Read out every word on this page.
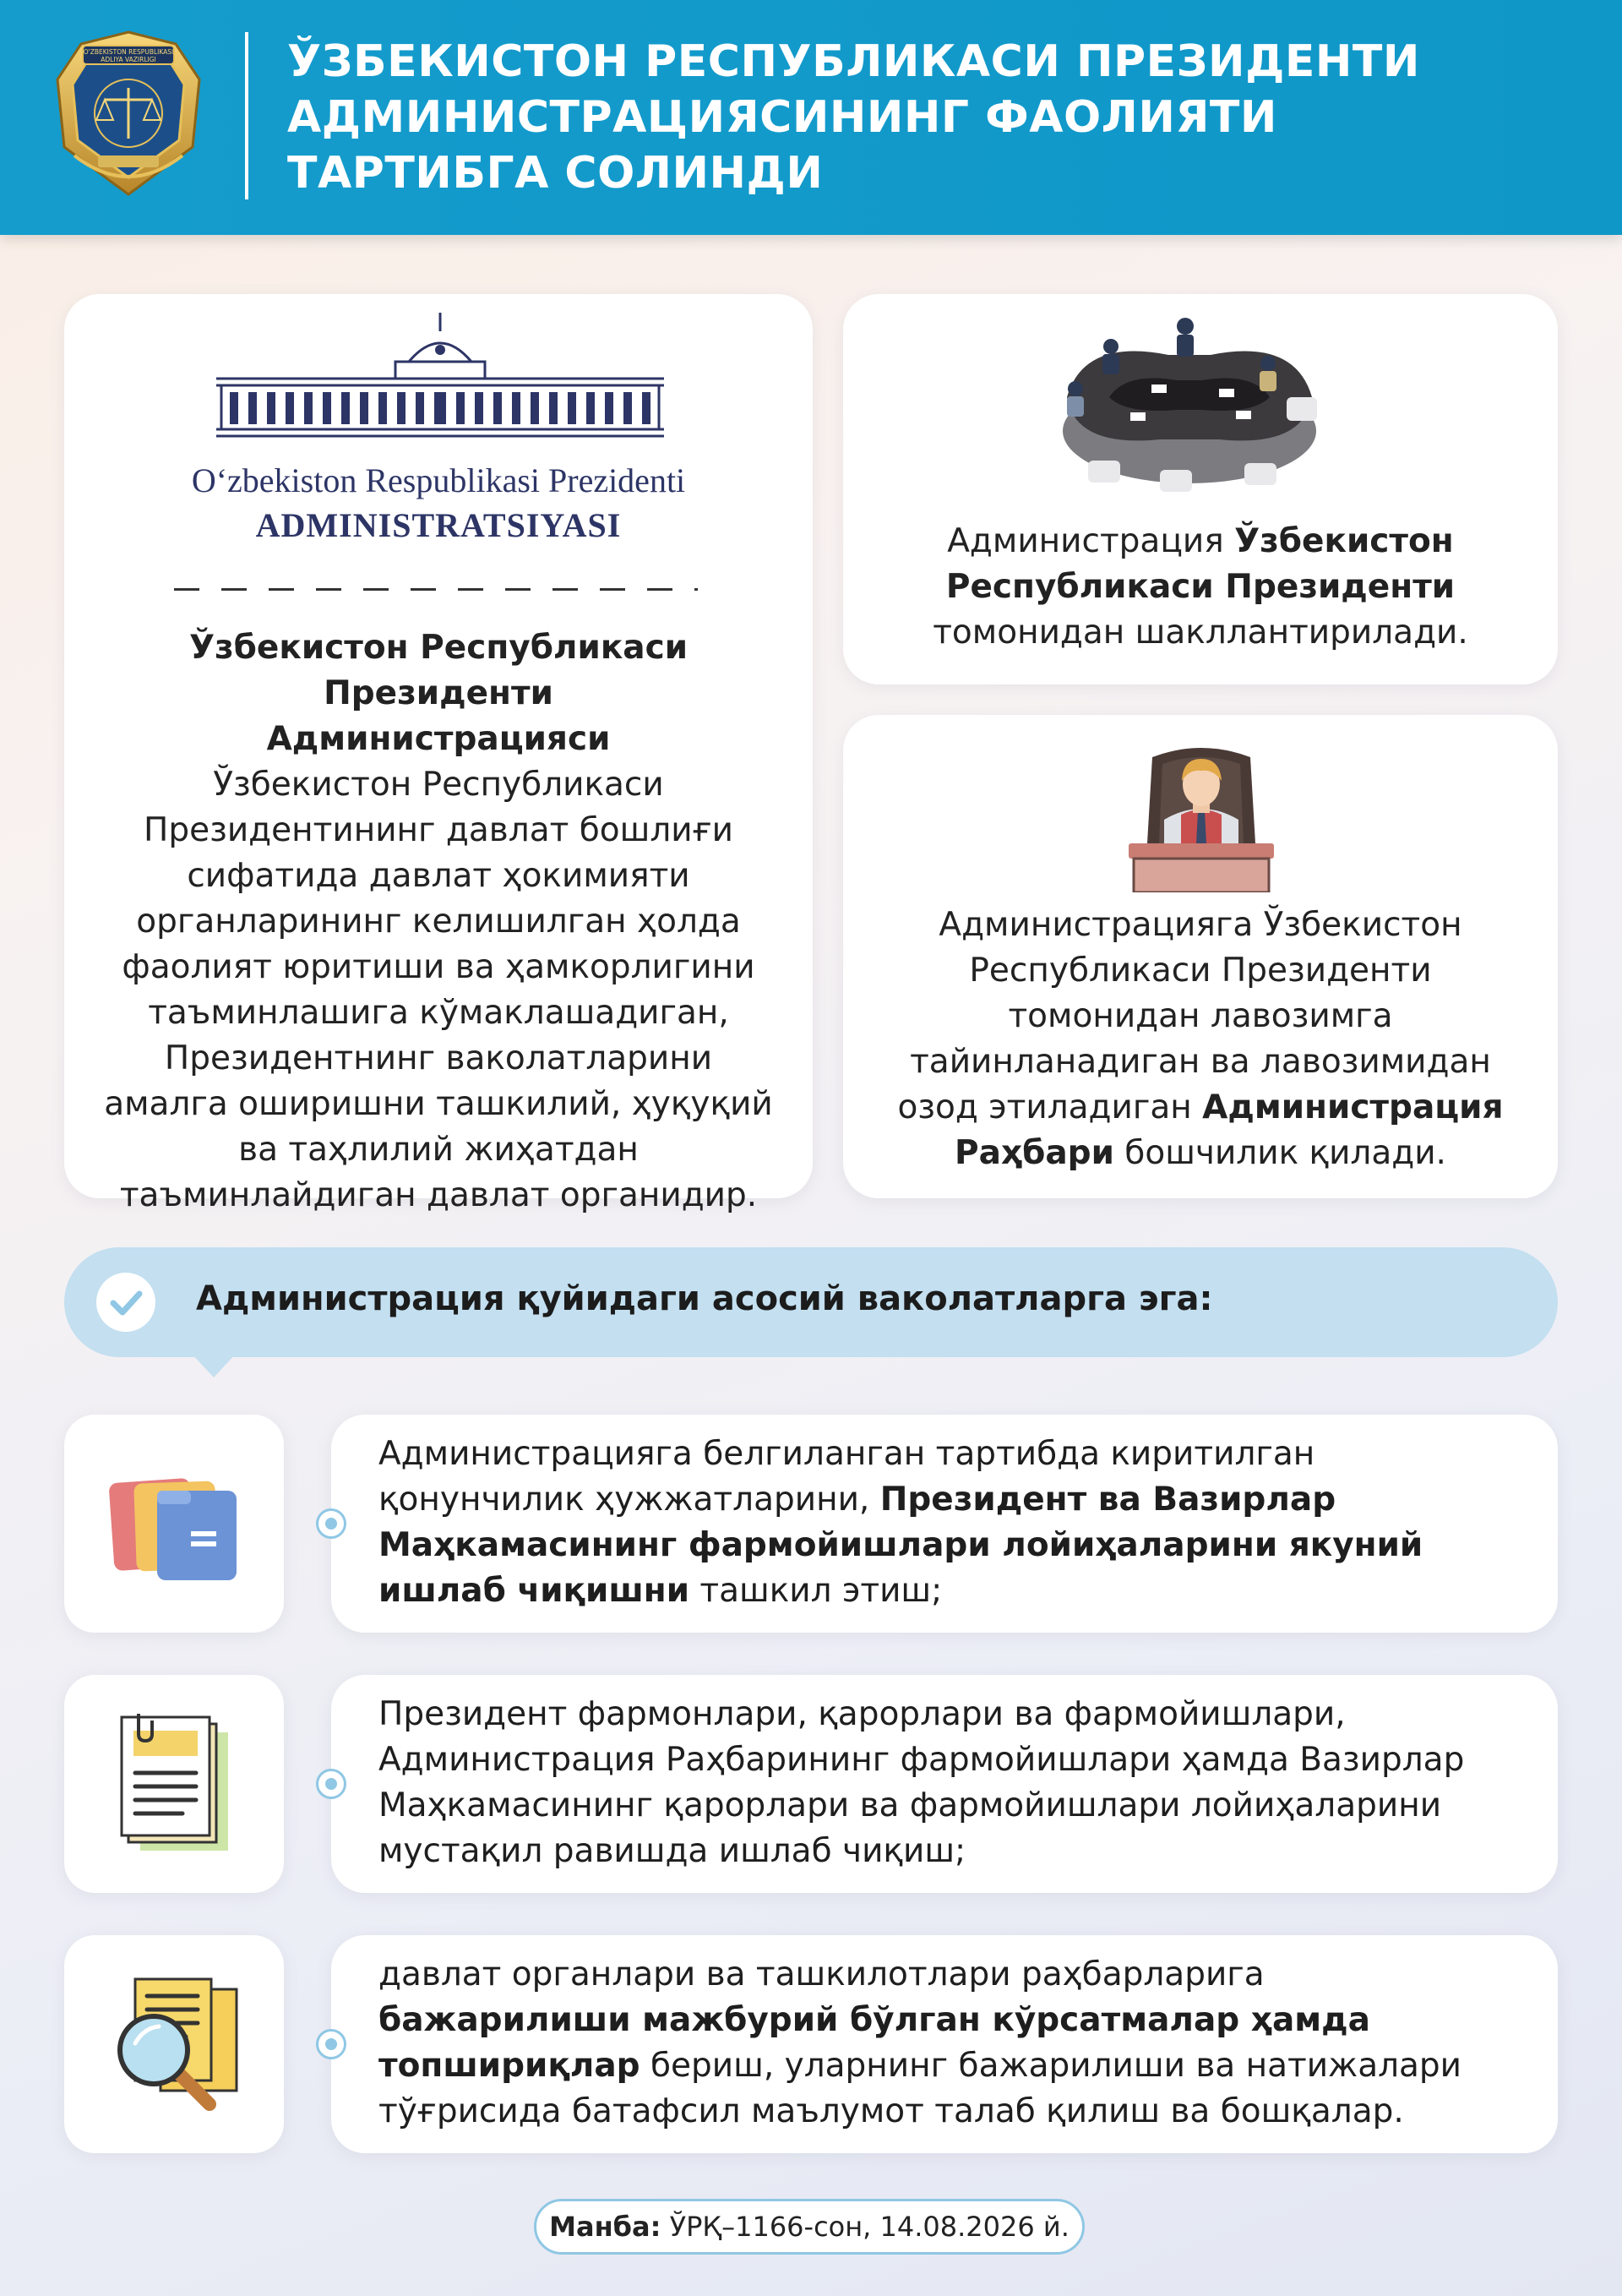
O'ZBEKISTON RESPUBLIKASI
ADLIYA VAZIRLIGI	ЎЗБЕКИСТОН РЕСПУБЛИКАСИ ПРЕЗИДЕНТИ
АДМИНИСТРАЦИЯСИНИНГ ФАОЛИЯТИ
ТАРТИБГА СОЛИНДИ
Oʻzbekiston Respublikasi Prezidenti
ADMINISTRATSIYASI
Ўзбекистон Республикаси Президенти Администрацияси
Ўзбекистон Республикаси Президентининг давлат бошлиғи сифатида давлат ҳокимияти органларининг келишилган ҳолда фаолият юритиши ва ҳамкорлигини таъминлашига кўмаклашадиган, Президентнинг ваколатларини амалга оширишни ташкилий, ҳуқуқий ва таҳлилий жиҳатдан таъминлайдиган давлат органидир.
Администрация Ўзбекистон Республикаси Президенти томонидан шакллантирилади.
Администрацияга Ўзбекистон Республикаси Президенти томонидан лавозимга тайинланадиган ва лавозимидан озод этиладиган Администрация Раҳбари бошчилик қилади.
Администрация қуйидаги асосий ваколатларга эга:
Администрацияга белгиланган тартибда киритилган қонунчилик ҳужжатларини, Президент ва Вазирлар Маҳкамасининг фармойишлари лойиҳаларини якуний ишлаб чиқишни ташкил этиш;
Президент фармонлари, қарорлари ва фармойишлари, Администрация Раҳбарининг фармойишлари ҳамда Вазирлар Маҳкамасининг қарорлари ва фармойишлари лойиҳаларини мустақил равишда ишлаб чиқиш;
давлат органлари ва ташкилотлари раҳбарларига бажарилиши мажбурий бўлган кўрсатмалар ҳамда топшириқлар бериш, уларнинг бажарилиши ва натижалари тўғрисида батафсил маълумот талаб қилиш ва бошқалар.
Манба: ЎРҚ–1166-сон, 14.08.2026 й.
